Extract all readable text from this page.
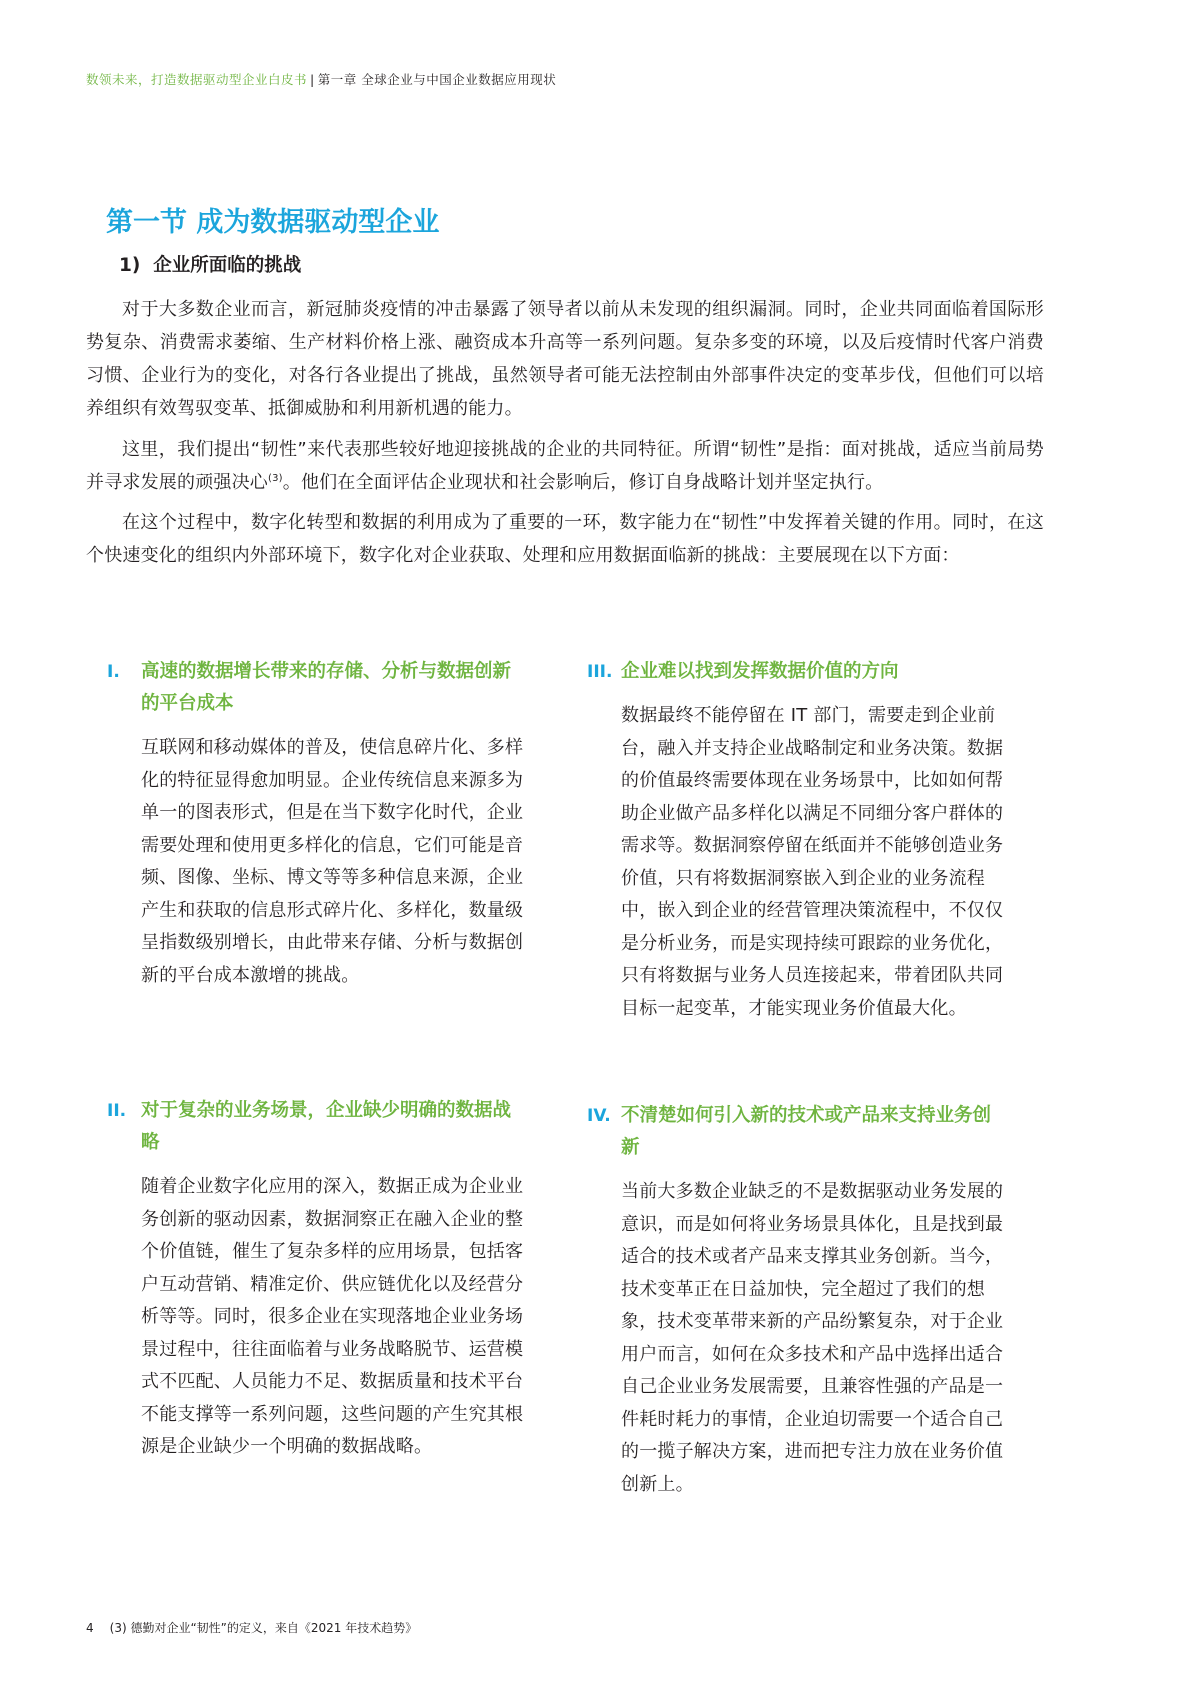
数领未来，打造数据驱动型企业白皮书 | 第一章 全球企业与中国企业数据应用现状
第一节 成为数据驱动型企业
1)  企业所面临的挑战

对于大多数企业而言，新冠肺炎疫情的冲击暴露了领导者以前从未发现的组织漏洞。同时，企业共同面临着国际形势复杂、消费需求萎缩、生产材料价格上涨、融资成本升高等一系列问题。复杂多变的环境，以及后疫情时代客户消费习惯、企业行为的变化，对各行各业提出了挑战，虽然领导者可能无法控制由外部事件决定的变革步伐，但他们可以培养组织有效驾驭变革、抵御威胁和利用新机遇的能力。

这里，我们提出“韧性”来代表那些较好地迎接挑战的企业的共同特征。所谓“韧性”是指：面对挑战，适应当前局势并寻求发展的顽强决心$^{(3)}$。他们在全面评估企业现状和社会影响后，修订自身战略计划并坚定执行。

在这个过程中，数字化转型和数据的利用成为了重要的一环，数字能力在“韧性”中发挥着关键的作用。同时，在这个快速变化的组织内外部环境下，数字化对企业获取、处理和应用数据面临新的挑战：主要展现在以下方面：

I. 高速的数据增长带来的存储、分析与数据创新的平台成本
互联网和移动媒体的普及，使信息碎片化、多样化的特征显得愈加明显。企业传统信息来源多为单一的图表形式，但是在当下数字化时代，企业需要处理和使用更多样化的信息，它们可能是音频、图像、坐标、博文等等多种信息来源，企业产生和获取的信息形式碎片化、多样化，数量级呈指数级别增长，由此带来存储、分析与数据创新的平台成本激增的挑战。
III. 企业难以找到发挥数据价值的方向
数据最终不能停留在 IT 部门，需要走到企业前台，融入并支持企业战略制定和业务决策。数据的价值最终需要体现在业务场景中，比如如何帮助企业做产品多样化以满足不同细分客户群体的需求等。数据洞察停留在纸面并不能够创造业务价值，只有将数据洞察嵌入到企业的业务流程中，嵌入到企业的经营管理决策流程中，不仅仅是分析业务，而是实现持续可跟踪的业务优化，只有将数据与业务人员连接起来，带着团队共同目标一起变革，才能实现业务价值最大化。
II. 对于复杂的业务场景，企业缺少明确的数据战略
随着企业数字化应用的深入，数据正成为企业业务创新的驱动因素，数据洞察正在融入企业的整个价值链，催生了复杂多样的应用场景，包括客户互动营销、精准定价、供应链优化以及经营分析等等。同时，很多企业在实现落地企业业务场景过程中，往往面临着与业务战略脱节、运营模式不匹配、人员能力不足、数据质量和技术平台不能支撑等一系列问题，这些问题的产生究其根源是企业缺少一个明确的数据战略。
IV. 不清楚如何引入新的技术或产品来支持业务创新
当前大多数企业缺乏的不是数据驱动业务发展的意识，而是如何将业务场景具体化，且是找到最适合的技术或者产品来支撑其业务创新。当今，技术变革正在日益加快，完全超过了我们的想象，技术变革带来新的产品纷繁复杂，对于企业用户而言，如何在众多技术和产品中选择出适合自己企业业务发展需要，且兼容性强的产品是一件耗时耗力的事情，企业迫切需要一个适合自己的一揽子解决方案，进而把专注力放在业务价值创新上。
4 (3) 德勤对企业“韧性”的定义，来自《2021 年技术趋势》
